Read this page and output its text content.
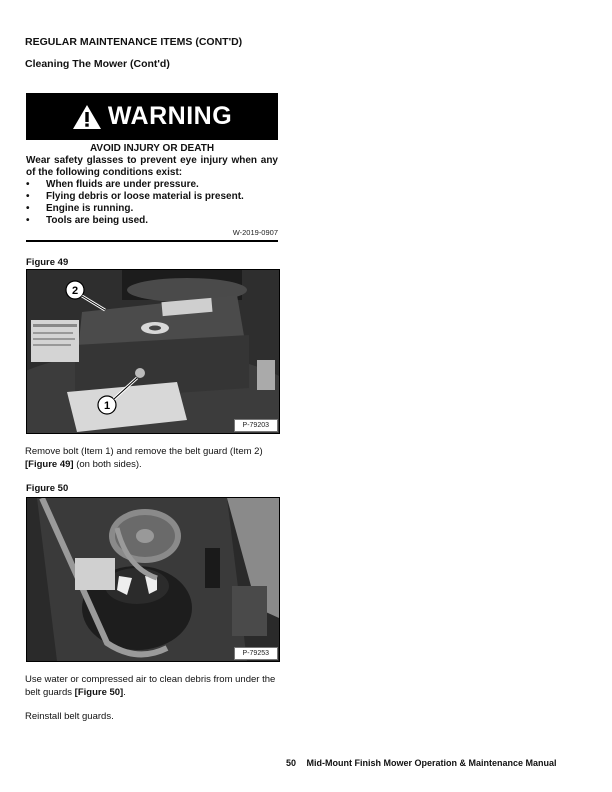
REGULAR MAINTENANCE ITEMS (CONT'D)
Cleaning The Mower (Cont'd)
WARNING
AVOID INJURY OR DEATH
Wear safety glasses to prevent eye injury when any of the following conditions exist:
•	When fluids are under pressure.
•	Flying debris or loose material is present.
•	Engine is running.
•	Tools are being used.
W-2019-0907
Figure 49
2
1
P-79203
Remove bolt (Item 1) and remove the belt guard (Item 2) [Figure 49] (on both sides).
Figure 50
P-79253
Use water or compressed air to clean debris from under the belt guards [Figure 50].
Reinstall belt guards.
50 Mid-Mount Finish Mower Operation & Maintenance Manual
